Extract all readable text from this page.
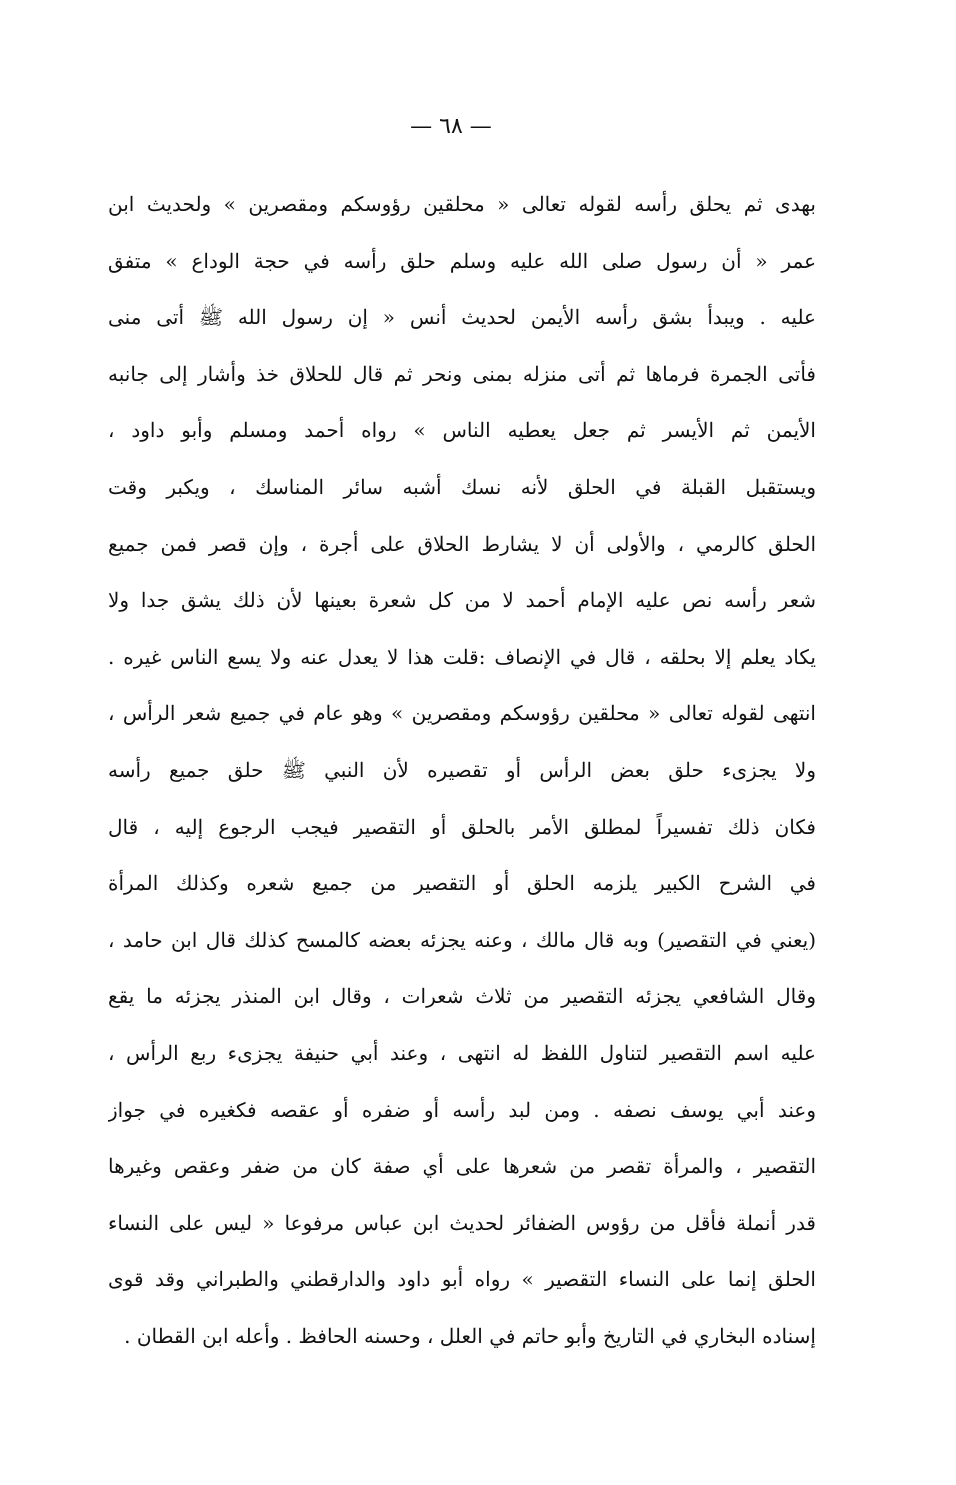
— ٦٨ —
بهدى ثم يحلق رأسه لقوله تعالى « محلقين رؤوسكم ومقصرين » ولحديث ابن
عمر « أن رسول صلى الله عليه وسلم حلق رأسه في حجة الوداع » متفق
عليه . ويبدأ بشق رأسه الأيمن لحديث أنس « إن رسول الله ﷺ أتى منى
فأتى الجمرة فرماها ثم أتى منزله بمنى ونحر ثم قال للحلاق خذ وأشار إلى جانبه
الأيمن ثم الأيسر ثم جعل يعطيه الناس » رواه أحمد ومسلم وأبو داود ،
ويستقبل القبلة في الحلق لأنه نسك أشبه سائر المناسك ، ويكبر وقت
الحلق كالرمي ، والأولى أن لا يشارط الحلاق على أجرة ، وإن قصر فمن جميع
شعر رأسه نص عليه الإمام أحمد لا من كل شعرة بعينها لأن ذلك يشق جدا ولا
يكاد يعلم إلا بحلقه ، قال في الإنصاف :قلت هذا لا يعدل عنه ولا يسع الناس غيره .
انتهى لقوله تعالى « محلقين رؤوسكم ومقصرين » وهو عام في جميع شعر الرأس ،
ولا يجزىء حلق بعض الرأس أو تقصيره لأن النبي ﷺ حلق جميع رأسه
فكان ذلك تفسيراً لمطلق الأمر بالحلق أو التقصير فيجب الرجوع إليه ، قال
في الشرح الكبير يلزمه الحلق أو التقصير من جميع شعره وكذلك المرأة
(يعني في التقصير) وبه قال مالك ، وعنه يجزئه بعضه كالمسح كذلك قال ابن حامد ،
وقال الشافعي يجزئه التقصير من ثلاث شعرات ، وقال ابن المنذر يجزئه ما يقع
عليه اسم التقصير لتناول اللفظ له انتهى ، وعند أبي حنيفة يجزىء ربع الرأس ،
وعند أبي يوسف نصفه . ومن لبد رأسه أو ضفره أو عقصه فكغيره في جواز
التقصير ، والمرأة تقصر من شعرها على أي صفة كان من ضفر وعقص وغيرها
قدر أنملة فأقل من رؤوس الضفائر لحديث ابن عباس مرفوعا « ليس على النساء
الحلق إنما على النساء التقصير » رواه أبو داود والدارقطني والطبراني وقد قوى
إسناده البخاري في التاريخ وأبو حاتم في العلل ، وحسنه الحافظ . وأعله ابن القطان .
